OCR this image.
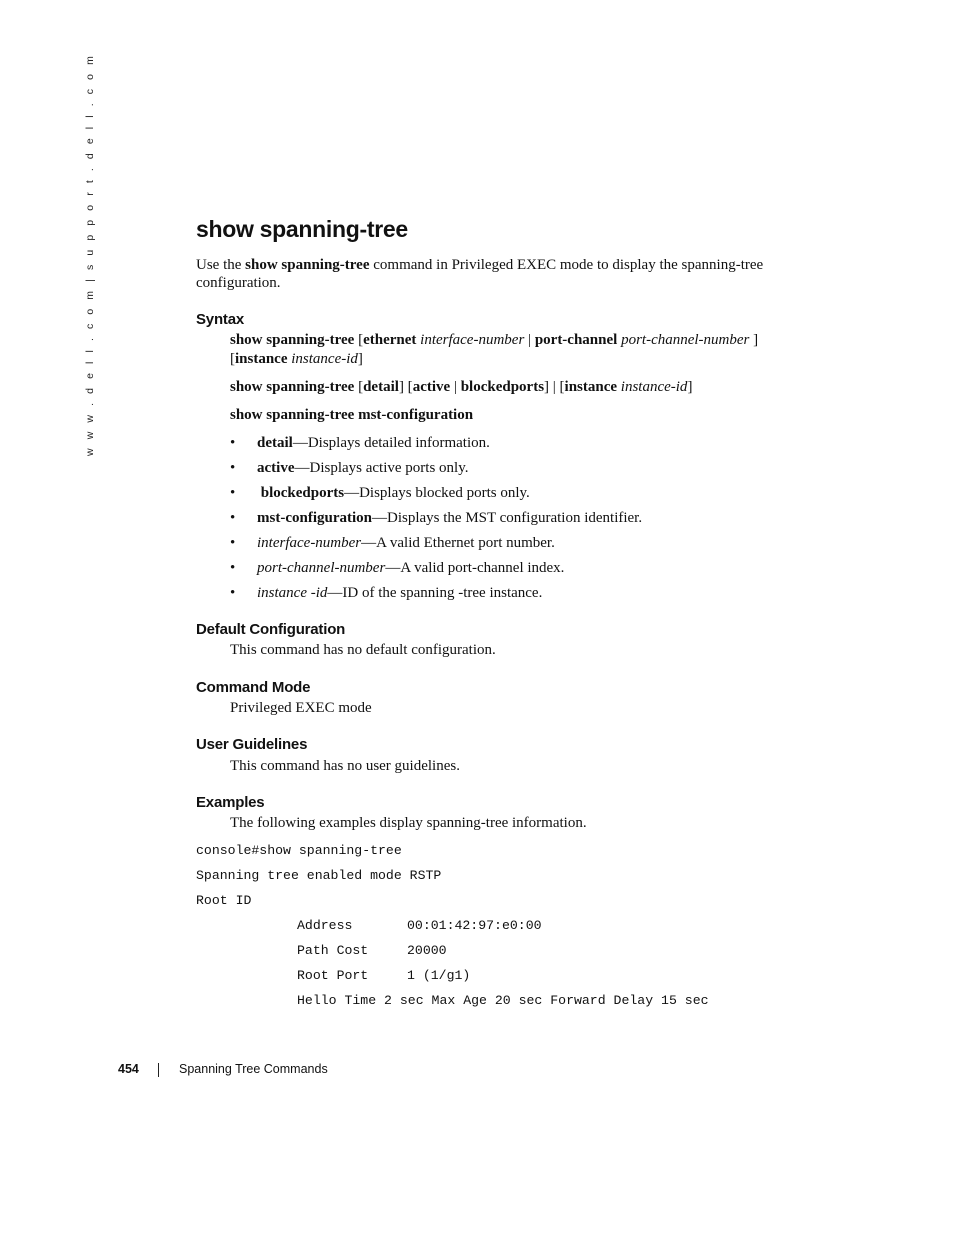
w w w . d e l l . c o m | s u p p o r t . d e l l . c o m	show spanning-tree

Use the show spanning-tree command in Privileged EXEC mode to display the spanning-tree configuration.

Syntax

show spanning-tree [ethernet interface-number | port-channel port-channel-number ]

[instance instance-id]

show spanning-tree [detail] [active | blockedports] | [instance instance-id]

show spanning-tree mst-configuration

• detail—Displays detailed information.
• active—Displays active ports only.
• blockedports—Displays blocked ports only.
• mst-configuration—Displays the MST configuration identifier.
• interface-number—A valid Ethernet port number.
• port-channel-number—A valid port-channel index.
• instance -id—ID of the spanning -tree instance.
Default Configuration

This command has no default configuration.

Command Mode

Privileged EXEC mode

User Guidelines

This command has no user guidelines.

Examples

The following examples display spanning-tree information.

console#show spanning-tree
Spanning tree enabled mode RSTP
Root ID
Address	00:01:42:97:e0:00
Path Cost	20000
Root Port	1 (1/g1)
Hello Time 2 sec Max Age 20 sec Forward Delay 15 sec
454	Spanning Tree Commands
